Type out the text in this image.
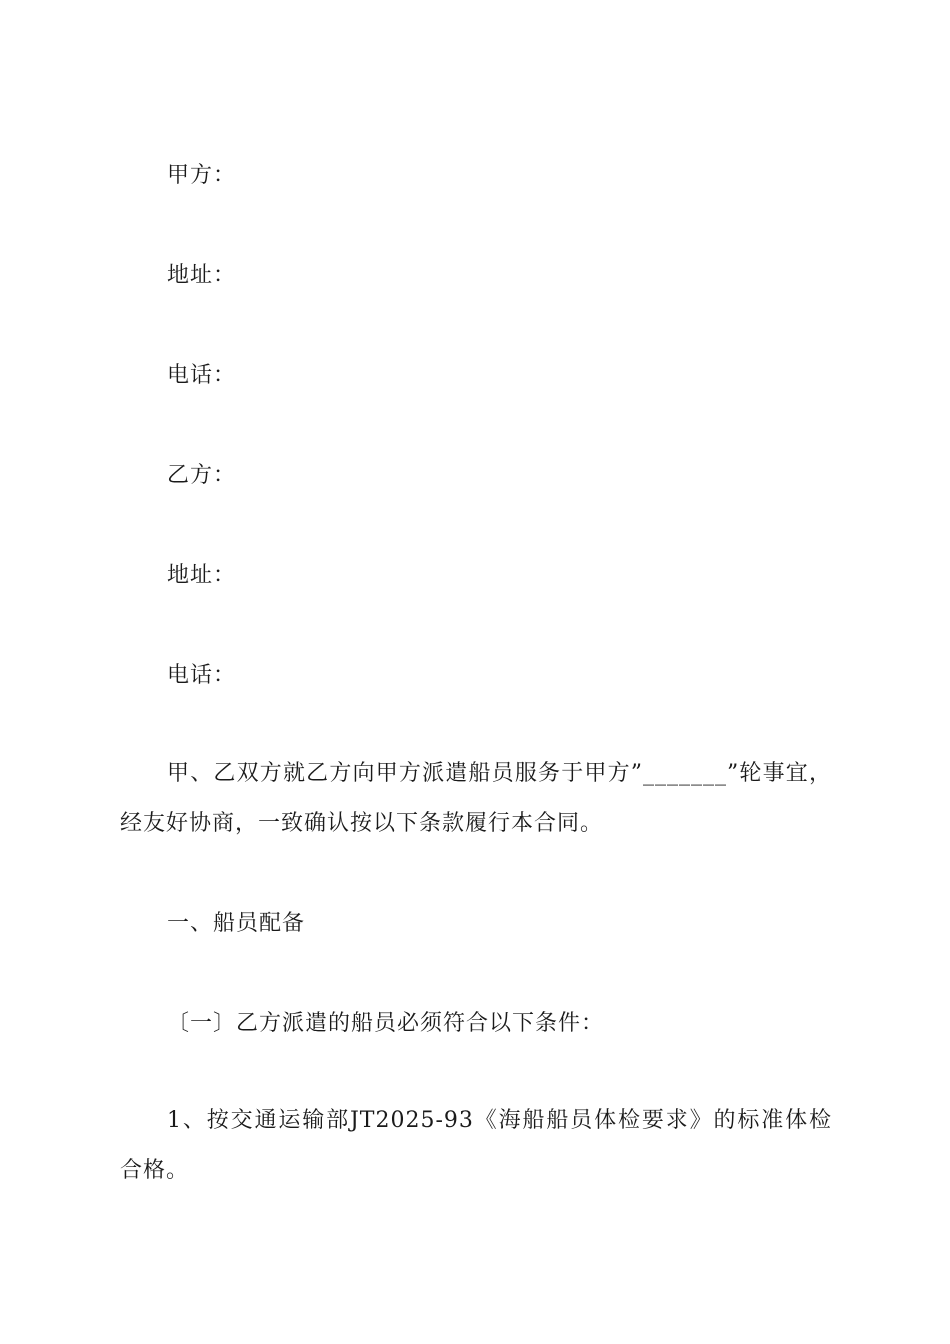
甲方：
地址：
电话：
乙方：
地址：
电话：
甲、乙双方就乙方向甲方派遣船员服务于甲方”_______”轮事宜，经友好协商，一致确认按以下条款履行本合同。
一、船员配备
〔一〕乙方派遣的船员必须符合以下条件：
1、按交通运输部JT2025-93《海船船员体检要求》的标准体检合格。
